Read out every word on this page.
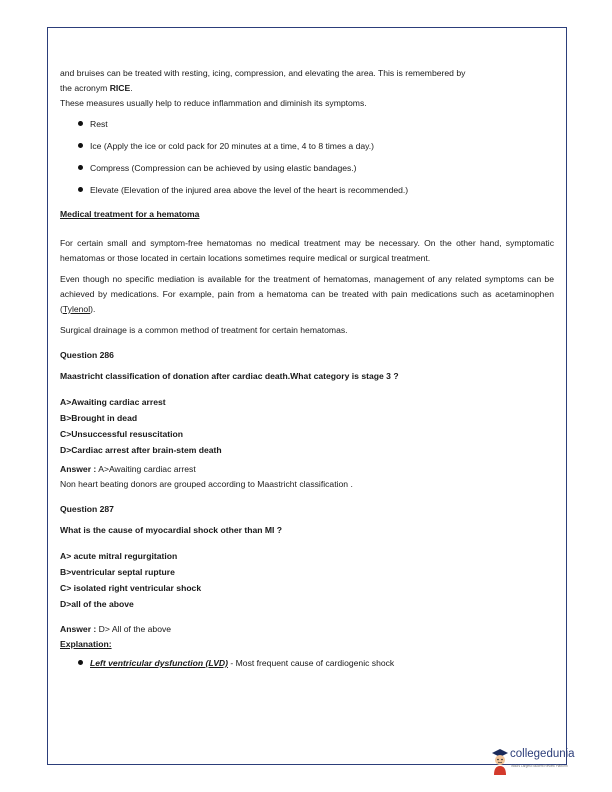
and bruises can be treated with resting, icing, compression, and elevating the area. This is remembered by

the acronym RICE.

These measures usually help to reduce inflammation and diminish its symptoms.

Rest
Ice (Apply the ice or cold pack for 20 minutes at a time, 4 to 8 times a day.)
Compress (Compression can be achieved by using elastic bandages.)
Elevate (Elevation of the injured area above the level of the heart is recommended.)

Medical treatment for a hematoma

For certain small and symptom-free hematomas no medical treatment may be necessary. On the other hand, symptomatic hematomas or those located in certain locations sometimes require medical or surgical treatment.

Even though no specific mediation is available for the treatment of hematomas, management of any related symptoms can be achieved by medications. For example, pain from a hematoma can be treated with pain medications such as acetaminophen (Tylenol).

Surgical drainage is a common method of treatment for certain hematomas.

Question 286

Maastricht classification of donation after cardiac death.What category is stage 3 ?

A>Awaiting cardiac arrest

B>Brought in dead

C>Unsuccessful resuscitation

D>Cardiac arrest after brain-stem death

Answer : A>Awaiting cardiac arrest

Non heart beating donors are grouped according to Maastricht classification .

Question 287

What is the cause of myocardial shock other than MI ?

A> acute mitral regurgitation

B>ventricular septal rupture

C> isolated right ventricular shock

D>all of the above

Answer : D> All of the above

Explanation:

Left ventricular dysfunction (LVD) - Most frequent cause of cardiogenic shock
collegedunia
India's Largest Student Review Platform
